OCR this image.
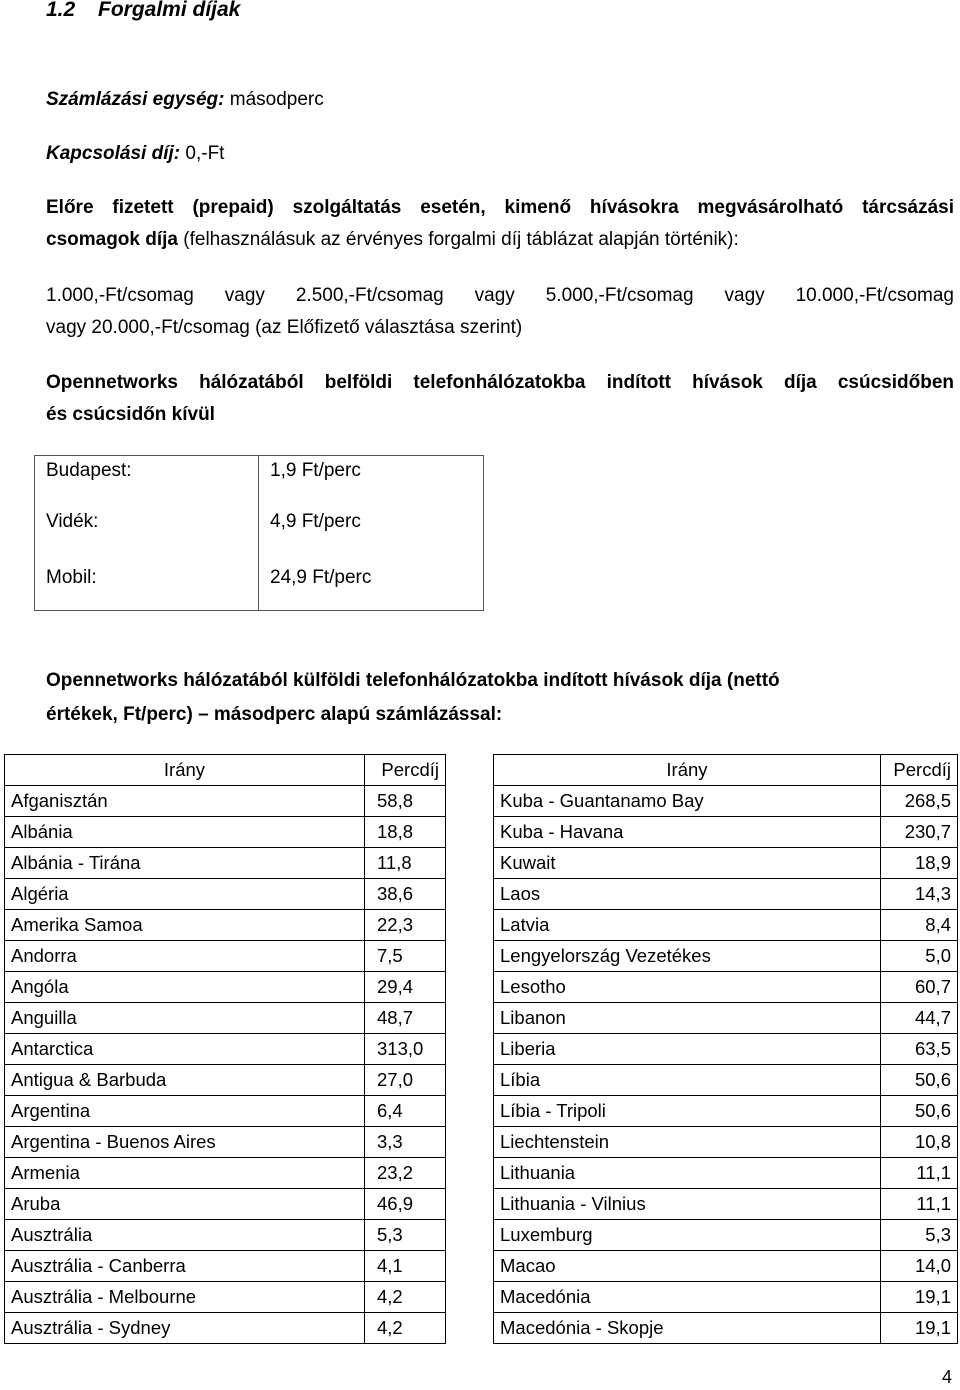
1.2 Forgalmi díjak
Számlázási egység: másodperc
Kapcsolási díj: 0,-Ft
Előre fizetett (prepaid) szolgáltatás esetén, kimenő hívásokra megvásárolható tárcsázási
csomagok díja (felhasználásuk az érvényes forgalmi díj táblázat alapján történik):
1.000,-Ft/csomag vagy 2.500,-Ft/csomag vagy 5.000,-Ft/csomag vagy 10.000,-Ft/csomag
vagy 20.000,-Ft/csomag (az Előfizető választása szerint)
Opennetworks hálózatából belföldi telefonhálózatokba indított hívások díja csúcsidőben
és csúcsidőn kívül
Budapest:	1,9 Ft/perc
Vidék:	4,9 Ft/perc
Mobil:	24,9 Ft/perc
Opennetworks hálózatából külföldi telefonhálózatokba indított hívások díja (nettó
értékek, Ft/perc) – másodperc alapú számlázással:
Irány	Percdíj
Afganisztán	58,8
Albánia	18,8
Albánia - Tirána	11,8
Algéria	38,6
Amerika Samoa	22,3
Andorra	7,5
Angóla	29,4
Anguilla	48,7
Antarctica	313,0
Antigua & Barbuda	27,0
Argentina	6,4
Argentina - Buenos Aires	3,3
Armenia	23,2
Aruba	46,9
Ausztrália	5,3
Ausztrália - Canberra	4,1
Ausztrália - Melbourne	4,2
Ausztrália - Sydney	4,2
Irány	Percdíj
Kuba - Guantanamo Bay	268,5
Kuba - Havana	230,7
Kuwait	18,9
Laos	14,3
Latvia	8,4
Lengyelország Vezetékes	5,0
Lesotho	60,7
Libanon	44,7
Liberia	63,5
Líbia	50,6
Líbia - Tripoli	50,6
Liechtenstein	10,8
Lithuania	11,1
Lithuania - Vilnius	11,1
Luxemburg	5,3
Macao	14,0
Macedónia	19,1
Macedónia - Skopje	19,1
4
